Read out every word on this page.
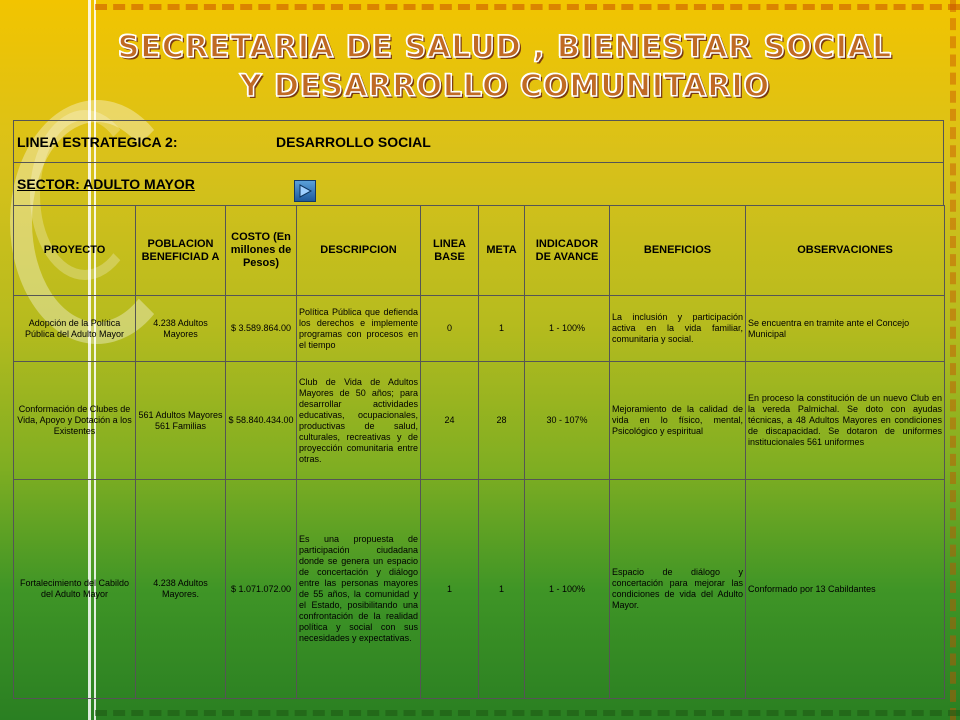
SECRETARIA DE SALUD , BIENESTAR SOCIAL
Y DESARROLLO COMUNITARIO
LINEA ESTRATEGICA 2:	DESARROLLO SOCIAL
SECTOR: ADULTO MAYOR
PROYECTO	POBLACION BENEFICIAD A	COSTO (En millones de Pesos)	DESCRIPCION	LINEA BASE	META	INDICADOR DE AVANCE	BENEFICIOS	OBSERVACIONES
Adopción de la Política Pública del Adulto Mayor	4.238 Adultos Mayores	$ 3.589.864.00	Política Pública que defienda los derechos e implemente programas con procesos en el tiempo	0	1	1 - 100%	La inclusión y participación activa en la vida familiar, comunitaria y social.	Se encuentra en tramite ante el Concejo Municipal
Conformación de Clubes de Vida, Apoyo y Dotación a los Existentes	561 Adultos Mayores 561 Familias	$ 58.840.434.00	Club de Vida de Adultos Mayores de 50 años; para desarrollar actividades educativas, ocupacionales, productivas de salud, culturales, recreativas y de proyección comunitaria entre otras.	24	28	30 - 107%	Mejoramiento de la calidad de vida en lo físico, mental, Psicológico y espiritual	En proceso la constitución de un nuevo Club en la vereda Palmichal. Se doto con ayudas técnicas, a 48 Adultos Mayores en condiciones de discapacidad. Se dotaron de uniformes institucionales 561 uniformes
Fortalecimiento del Cabildo del Adulto Mayor	4.238 Adultos Mayores.	$ 1.071.072.00	Es una propuesta de participación ciudadana donde se genera un espacio de concertación y diálogo entre las personas mayores de 55 años, la comunidad y el Estado, posibilitando una confrontación de la realidad política y social con sus necesidades y expectativas.	1	1	1 - 100%	Espacio de diálogo y concertación para mejorar las condiciones de vida del Adulto Mayor.	Conformado por 13 Cabildantes
